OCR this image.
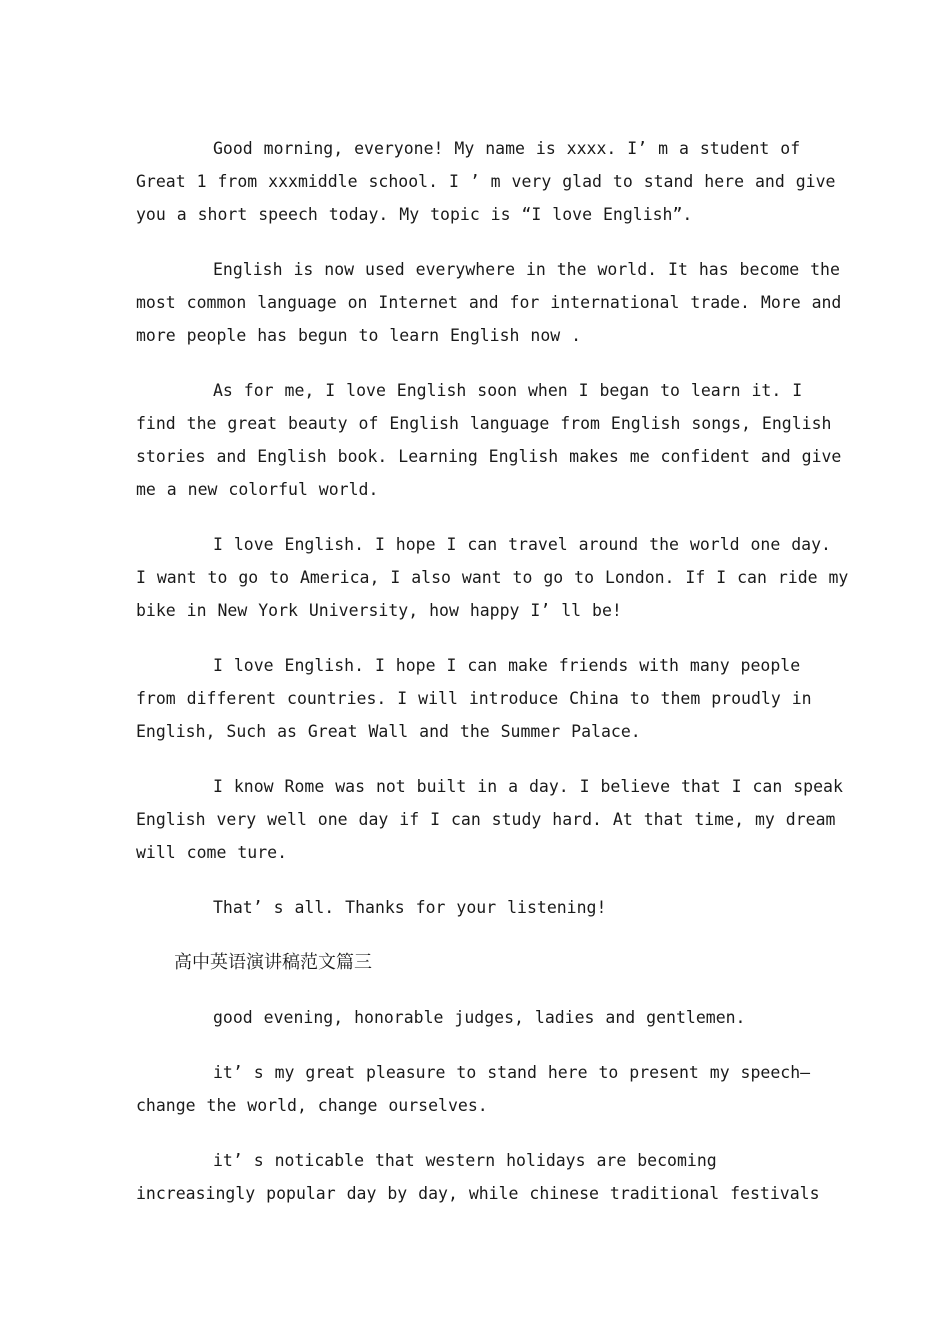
Good morning, everyone! My name is xxxx. I’ m a student of
Great 1 from xxxmiddle school. I ’ m very glad to stand here and give
you a short speech today. My topic is “I love English”.
English is now used everywhere in the world. It has become the
most common language on Internet and for international trade. More and
more people has begun to learn English now .
As for me, I love English soon when I began to learn it. I
find the great beauty of English language from English songs, English
stories and English book. Learning English makes me confident and give
me a new colorful world.
I love English. I hope I can travel around the world one day.
I want to go to America, I also want to go to London. If I can ride my
bike in New York University, how happy I’ ll be!
I love English. I hope I can make friends with many people
from different countries. I will introduce China to them proudly in
English, Such as Great Wall and the Summer Palace.
I know Rome was not built in a day. I believe that I can speak
English very well one day if I can study hard. At that time, my dream
will come ture.
That’ s all. Thanks for your listening!
高中英语演讲稿范文篇三
good evening, honorable judges, ladies and gentlemen.
it’ s my great pleasure to stand here to present my speech—
change the world, change ourselves.
it’ s noticable that western holidays are becoming
increasingly popular day by day, while chinese traditional festivals
